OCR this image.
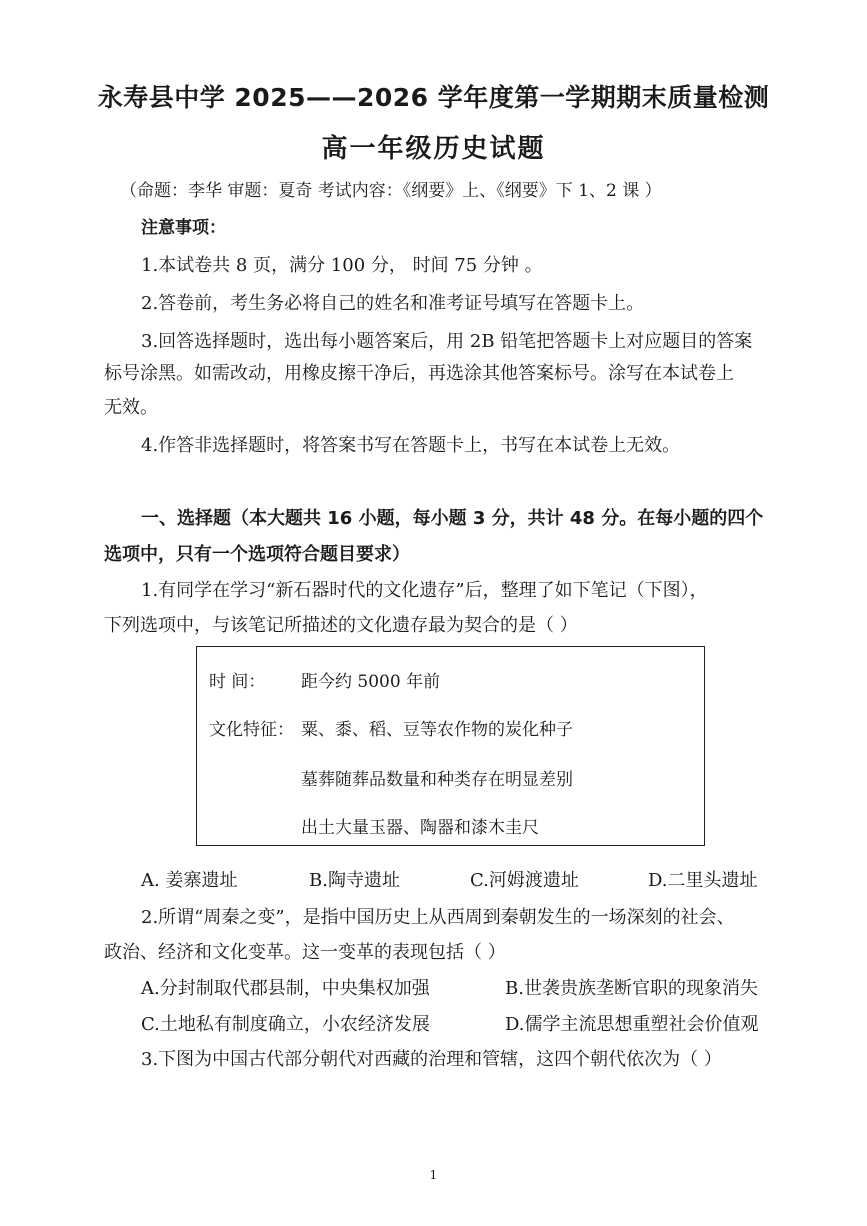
永寿县中学 2025——2026 学年度第一学期期末质量检测
高一年级历史试题
（命题：李华 审题：夏奇 考试内容：《纲要》上、《纲要》下 1、2 课 ）
注意事项：
1.本试卷共 8 页，满分 100 分， 时间 75 分钟 。
2.答卷前，考生务必将自己的姓名和准考证号填写在答题卡上。
3.回答选择题时，选出每小题答案后，用 2B 铅笔把答题卡上对应题目的答案
标号涂黑。如需改动，用橡皮擦干净后，再选涂其他答案标号。涂写在本试卷上
无效。
4.作答非选择题时，将答案书写在答题卡上，书写在本试卷上无效。
一、选择题（本大题共 16 小题，每小题 3 分，共计 48 分。在每小题的四个
选项中，只有一个选项符合题目要求）
1.有同学在学习“新石器时代的文化遗存”后，整理了如下笔记（下图），
下列选项中，与该笔记所描述的文化遗存最为契合的是（ ）
时 间： 距今约 5000 年前
文化特征： 粟、黍、稻、豆等农作物的炭化种子
墓葬随葬品数量和种类存在明显差别
出土大量玉器、陶器和漆木圭尺
A. 姜寨遗址	B.陶寺遗址	C.河姆渡遗址	D.二里头遗址
2.所谓“周秦之变”，是指中国历史上从西周到秦朝发生的一场深刻的社会、
政治、经济和文化变革。这一变革的表现包括（ ）
A.分封制取代郡县制，中央集权加强	B.世袭贵族垄断官职的现象消失
C.土地私有制度确立，小农经济发展	D.儒学主流思想重塑社会价值观
3.下图为中国古代部分朝代对西藏的治理和管辖，这四个朝代依次为（ ）
1
